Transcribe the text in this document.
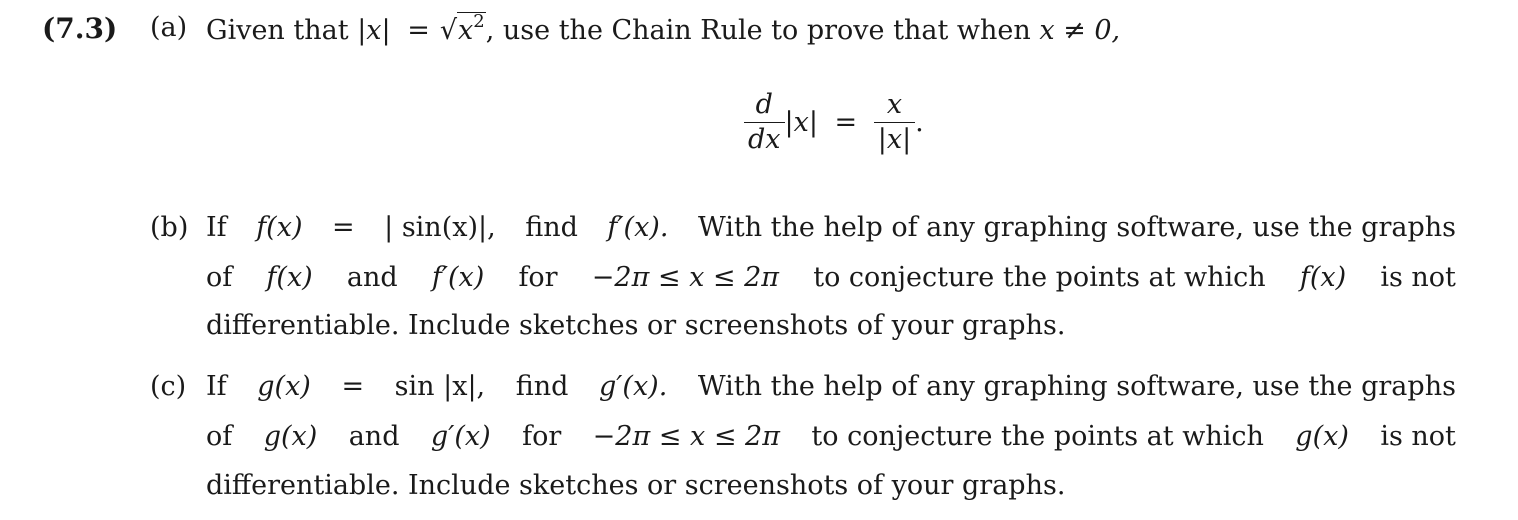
(7.3) (a) Given that $|x| = √x^2$, use the Chain Rule to prove that when x ≠ 0,
$\frac{d}{dx} |x| = \frac{x}{|x|}$ .
(b) If f(x) = | sin(x)|, find f′(x). With the help of any graphing software, use the graphs
of f(x) and f′(x) for −2π ≤ x ≤ 2π to conjecture the points at which f(x) is not
differentiable. Include sketches or screenshots of your graphs.
(c) If g(x) = sin |x|, find g′(x). With the help of any graphing software, use the graphs
of g(x) and g′(x) for −2π ≤ x ≤ 2π to conjecture the points at which g(x) is not
differentiable. Include sketches or screenshots of your graphs.
